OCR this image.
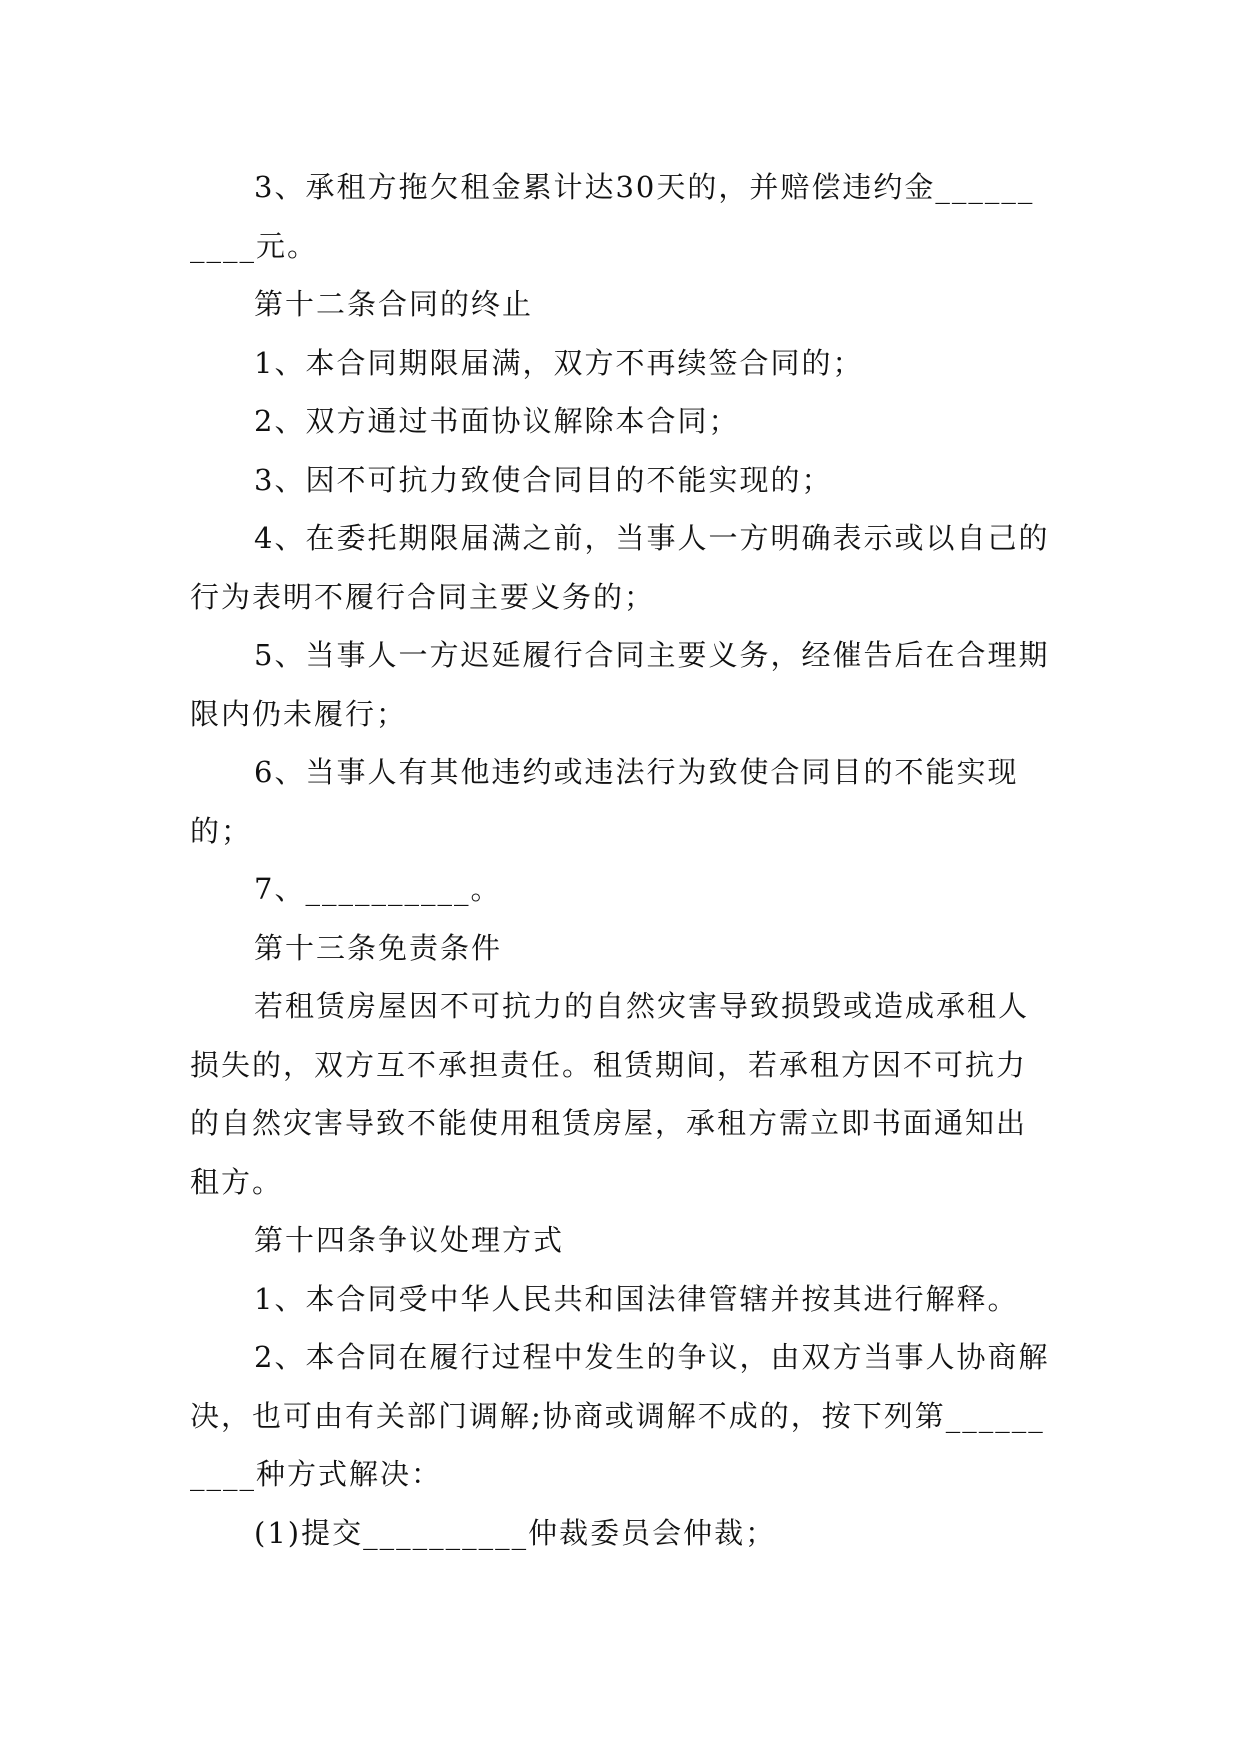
3、承租方拖欠租金累计达30天的，并赔偿违约金__________元。

第十二条合同的终止

1、本合同期限届满，双方不再续签合同的；

2、双方通过书面协议解除本合同；

3、因不可抗力致使合同目的不能实现的；

4、在委托期限届满之前，当事人一方明确表示或以自己的行为表明不履行合同主要义务的；

5、当事人一方迟延履行合同主要义务，经催告后在合理期限内仍未履行；

6、当事人有其他违约或违法行为致使合同目的不能实现的；

7、__________。

第十三条免责条件

若租赁房屋因不可抗力的自然灾害导致损毁或造成承租人损失的，双方互不承担责任。租赁期间，若承租方因不可抗力的自然灾害导致不能使用租赁房屋，承租方需立即书面通知出租方。

第十四条争议处理方式

1、本合同受中华人民共和国法律管辖并按其进行解释。

2、本合同在履行过程中发生的争议，由双方当事人协商解决，也可由有关部门调解;协商或调解不成的，按下列第__________种方式解决：

(1)提交__________仲裁委员会仲裁；
